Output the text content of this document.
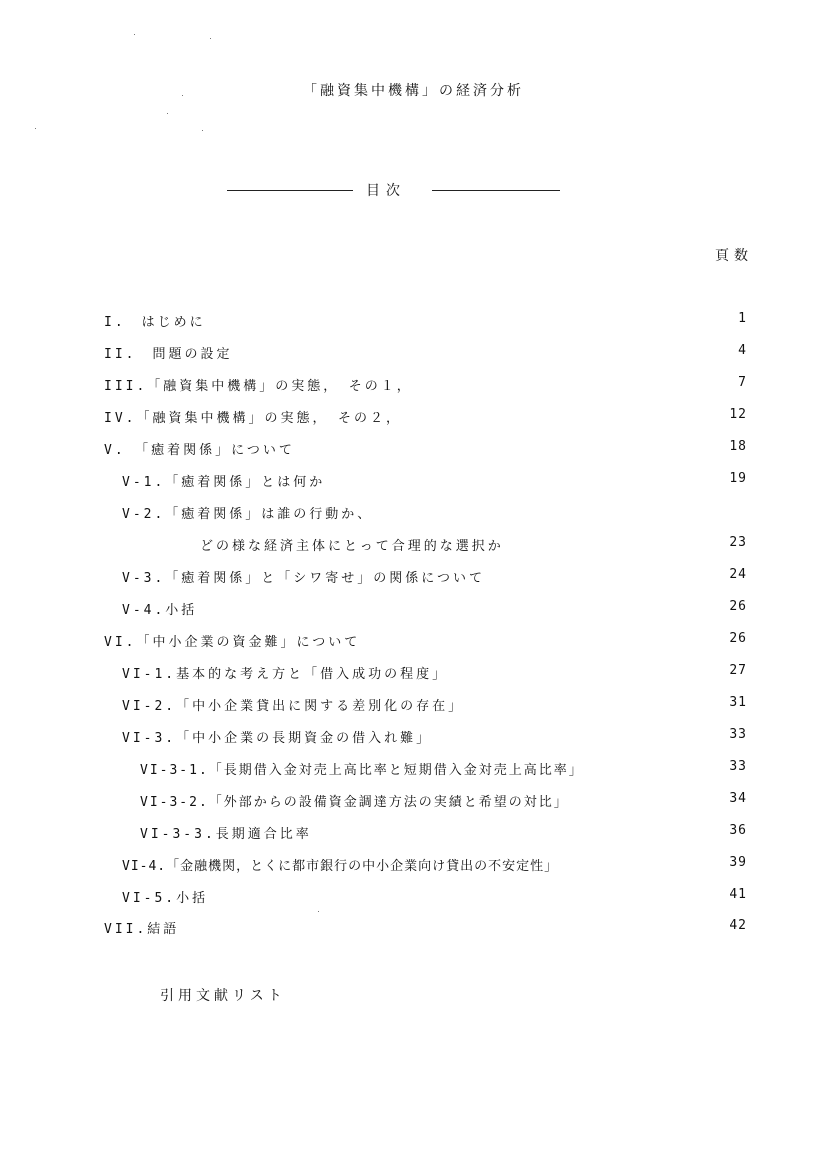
「融資集中機構」の経済分析
目次
頁数
I.　はじめに	1
II.　問題の設定	4
III.「融資集中機構」の実態，　その１，	7
IV.「融資集中機構」の実態，　その２，	12
V.　「癒着関係」について	18
V-1.「癒着関係」とは何か	19
V-2.「癒着関係」は誰の行動か、
どの様な経済主体にとって合理的な選択か	23
V-3.「癒着関係」と「シワ寄せ」の関係について	24
V-4.小括	26
VI.「中小企業の資金難」について	26
VI-1.基本的な考え方と「借入成功の程度」	27
VI-2.「中小企業貸出に関する差別化の存在」	31
VI-3.「中小企業の長期資金の借入れ難」	33
VI-3-1.「長期借入金対売上高比率と短期借入金対売上高比率」	33
VI-3-2.「外部からの設備資金調達方法の実績と希望の対比」	34
VI-3-3.長期適合比率	36
VI-4.「金融機関，とくに都市銀行の中小企業向け貸出の不安定性」	39
VI-5.小括	41
VII.結語	42
引用文献リスト
